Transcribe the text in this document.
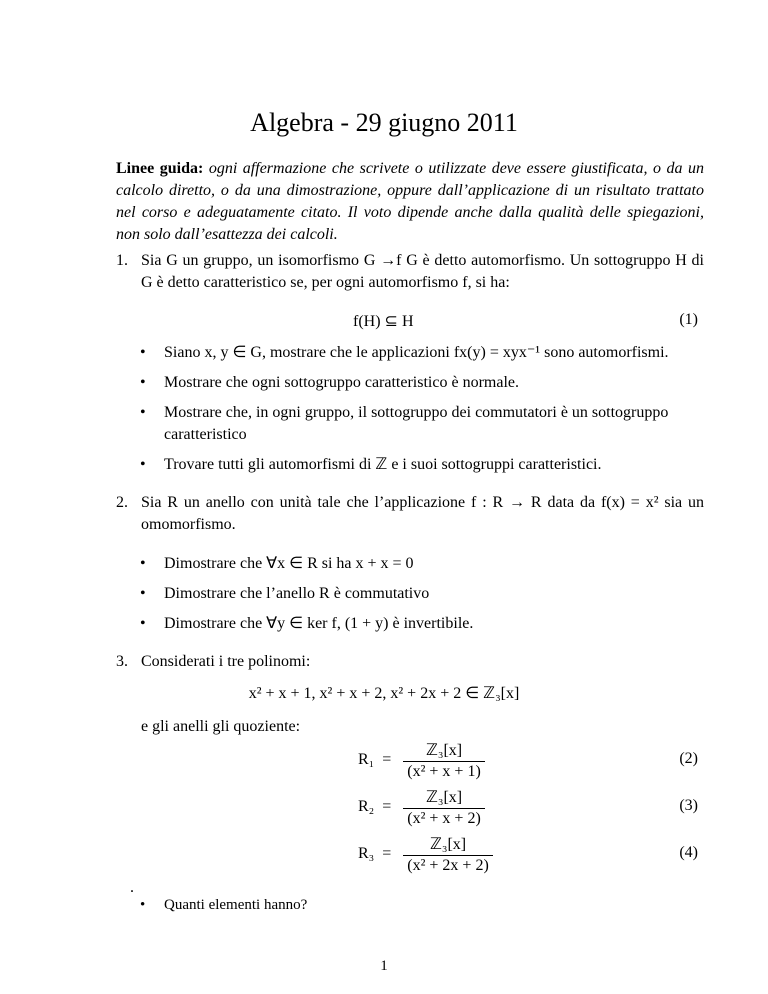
Algebra - 29 giugno 2011
Linee guida: ogni affermazione che scrivete o utilizzate deve essere giustificata, o da un calcolo diretto, o da una dimostrazione, oppure dall’applicazione di un risultato trattato nel corso e adeguatamente citato. Il voto dipende anche dalla qualità delle spiegazioni, non solo dall’esattezza dei calcoli.
1. Sia G un gruppo, un isomorfismo G →f G è detto automorfismo. Un sottogruppo H di G è detto caratteristico se, per ogni automorfismo f, si ha:
f(H) ⊆ H	(1)
• Siano x, y ∈ G, mostrare che le applicazioni fx(y) = xyx⁻¹ sono automorfismi.
• Mostrare che ogni sottogruppo caratteristico è normale.
• Mostrare che, in ogni gruppo, il sottogruppo dei commutatori è un sottogruppo caratteristico
• Trovare tutti gli automorfismi di ℤ e i suoi sottogruppi caratteristici.
2. Sia R un anello con unità tale che l’applicazione f : R → R data da f(x) = x² sia un omomorfismo.
• Dimostrare che ∀x ∈ R si ha x + x = 0
• Dimostrare che l’anello R è commutativo
• Dimostrare che ∀y ∈ ker f, (1 + y) è invertibile.
3. Considerati i tre polinomi:
x² + x + 1, x² + x + 2, x² + 2x + 2 ∈ ℤ₃[x]
e gli anelli gli quoziente:
$R_1 = \frac{\text{ℤ₃[x]}}{\text{(x² + x + 1)}}$	(2)
$R_2 = \frac{\text{ℤ₃[x]}}{\text{(x² + x + 2)}}$	(3)
$R_3 = \frac{\text{ℤ₃[x]}}{\text{(x² + 2x + 2)}}$	(4)
.
• Quanti elementi hanno?
1
